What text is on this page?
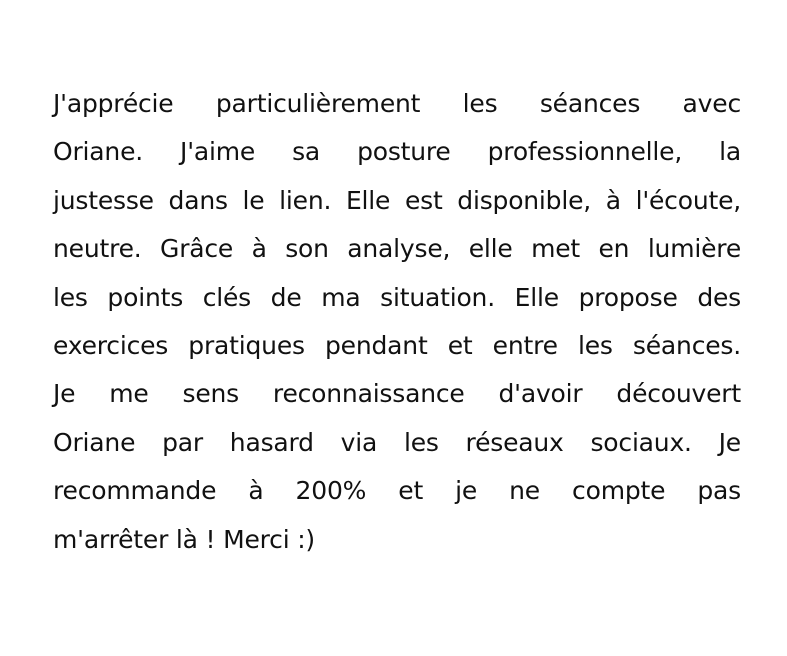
J'apprécie particulièrement les séances avec
Oriane. J'aime sa posture professionnelle, la
justesse dans le lien. Elle est disponible, à l'écoute,
neutre. Grâce à son analyse, elle met en lumière
les points clés de ma situation. Elle propose des
exercices pratiques pendant et entre les séances.
Je me sens reconnaissance d'avoir découvert
Oriane par hasard via les réseaux sociaux. Je
recommande à 200% et je ne compte pas
m'arrêter là ! Merci :)
